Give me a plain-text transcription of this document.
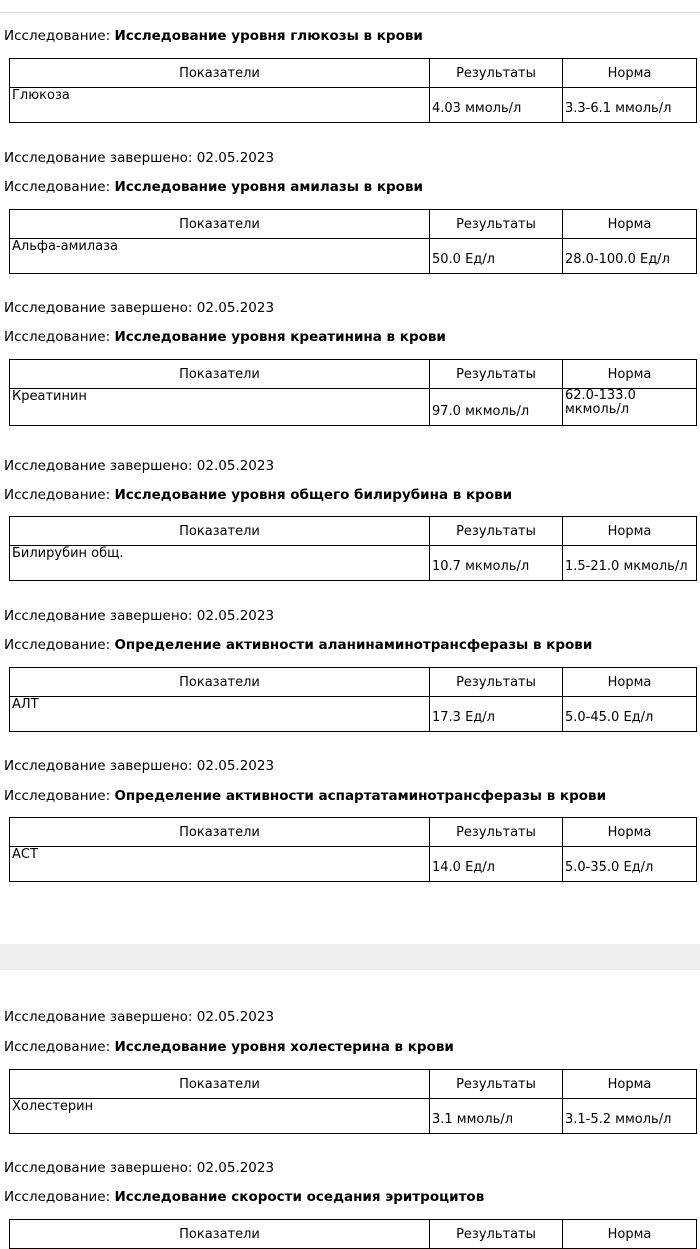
Исследование: Исследование уровня глюкозы в крови
Показатели	Результаты	Норма
Глюкоза	4.03 ммоль/л	3.3-6.1 ммоль/л
Исследование завершено: 02.05.2023
Исследование: Исследование уровня амилазы в крови
Показатели	Результаты	Норма
Альфа-амилаза	50.0 Ед/л	28.0-100.0 Ед/л
Исследование завершено: 02.05.2023
Исследование: Исследование уровня креатинина в крови
Показатели	Результаты	Норма
Креатинин	97.0 мкмоль/л	62.0-133.0 мкмоль/л
Исследование завершено: 02.05.2023
Исследование: Исследование уровня общего билирубина в крови
Показатели	Результаты	Норма
Билирубин общ.	10.7 мкмоль/л	1.5-21.0 мкмоль/л
Исследование завершено: 02.05.2023
Исследование: Определение активности аланинаминотрансферазы в крови
Показатели	Результаты	Норма
АЛТ	17.3 Ед/л	5.0-45.0 Ед/л
Исследование завершено: 02.05.2023
Исследование: Определение активности аспартатаминотрансферазы в крови
Показатели	Результаты	Норма
АСТ	14.0 Ед/л	5.0-35.0 Ед/л
Исследование завершено: 02.05.2023
Исследование: Исследование уровня холестерина в крови
Показатели	Результаты	Норма
Холестерин	3.1 ммоль/л	3.1-5.2 ммоль/л
Исследование завершено: 02.05.2023
Исследование: Исследование скорости оседания эритроцитов
Показатели	Результаты	Норма
